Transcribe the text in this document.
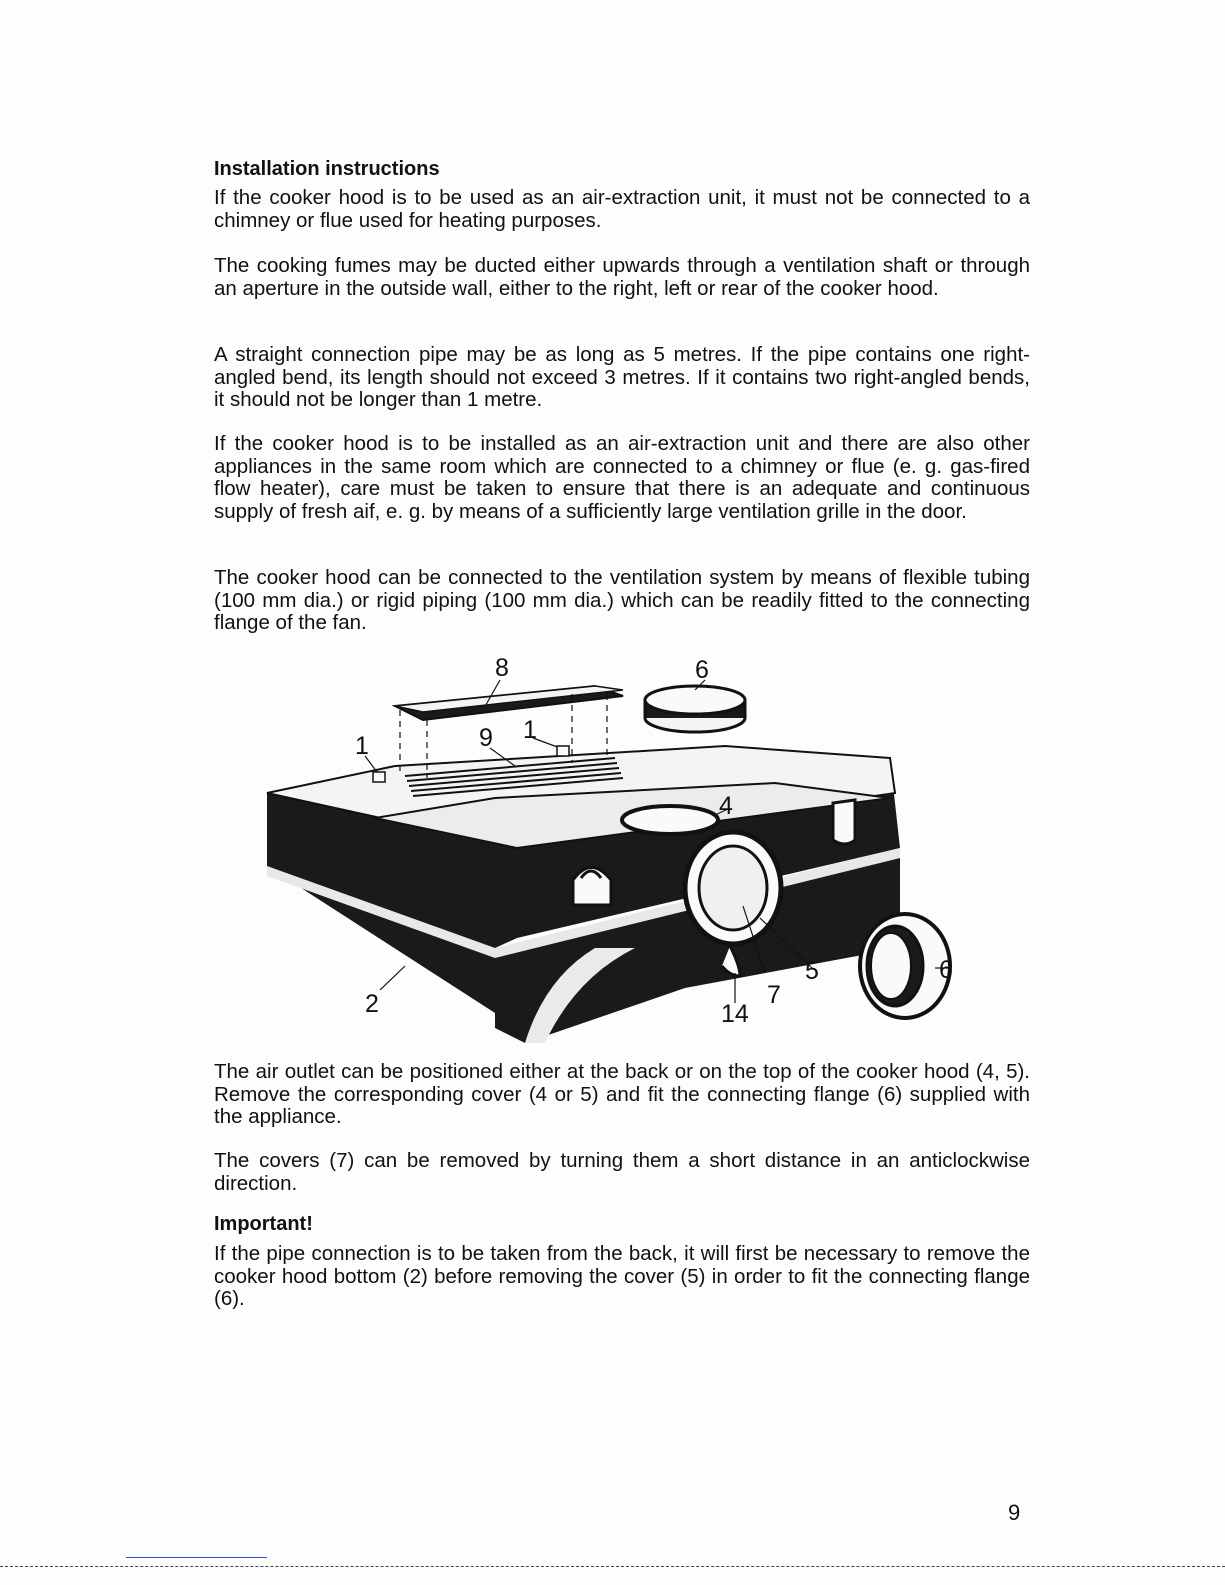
Installation instructions

If the cooker hood is to be used as an air-extraction unit, it must not be connected to a chimney or flue used for heating purposes.

The cooking fumes may be ducted either upwards through a ventilation shaft or through an aperture in the outside wall, either to the right, left or rear of the cooker hood.

A straight connection pipe may be as long as 5 metres. If the pipe contains one right-angled bend, its length should not exceed 3 metres. If it contains two right-angled bends, it should not be longer than 1 metre.

If the cooker hood is to be installed as an air-extraction unit and there are also other appliances in the same room which are connected to a chimney or flue (e. g. gas-fired flow heater), care must be taken to ensure that there is an adequate and continuous supply of fresh aif, e. g. by means of a sufficiently large ventilation grille in the door.

The cooker hood can be connected to the ventilation system by means of flexible tubing (100 mm dia.) or rigid piping (100 mm dia.) which can be readily fitted to the connecting flange of the fan.

8	6
1	9 1
4
2
5
7
14
6

The air outlet can be positioned either at the back or on the top of the cooker hood (4, 5). Remove the corresponding cover (4 or 5) and fit the connecting flange (6) supplied with the appliance.

The covers (7) can be removed by turning them a short distance in an anticlockwise direction.

Important!

If the pipe connection is to be taken from the back, it will first be necessary to remove the cooker hood bottom (2) before removing the cover (5) in order to fit the connecting flange (6).

9
